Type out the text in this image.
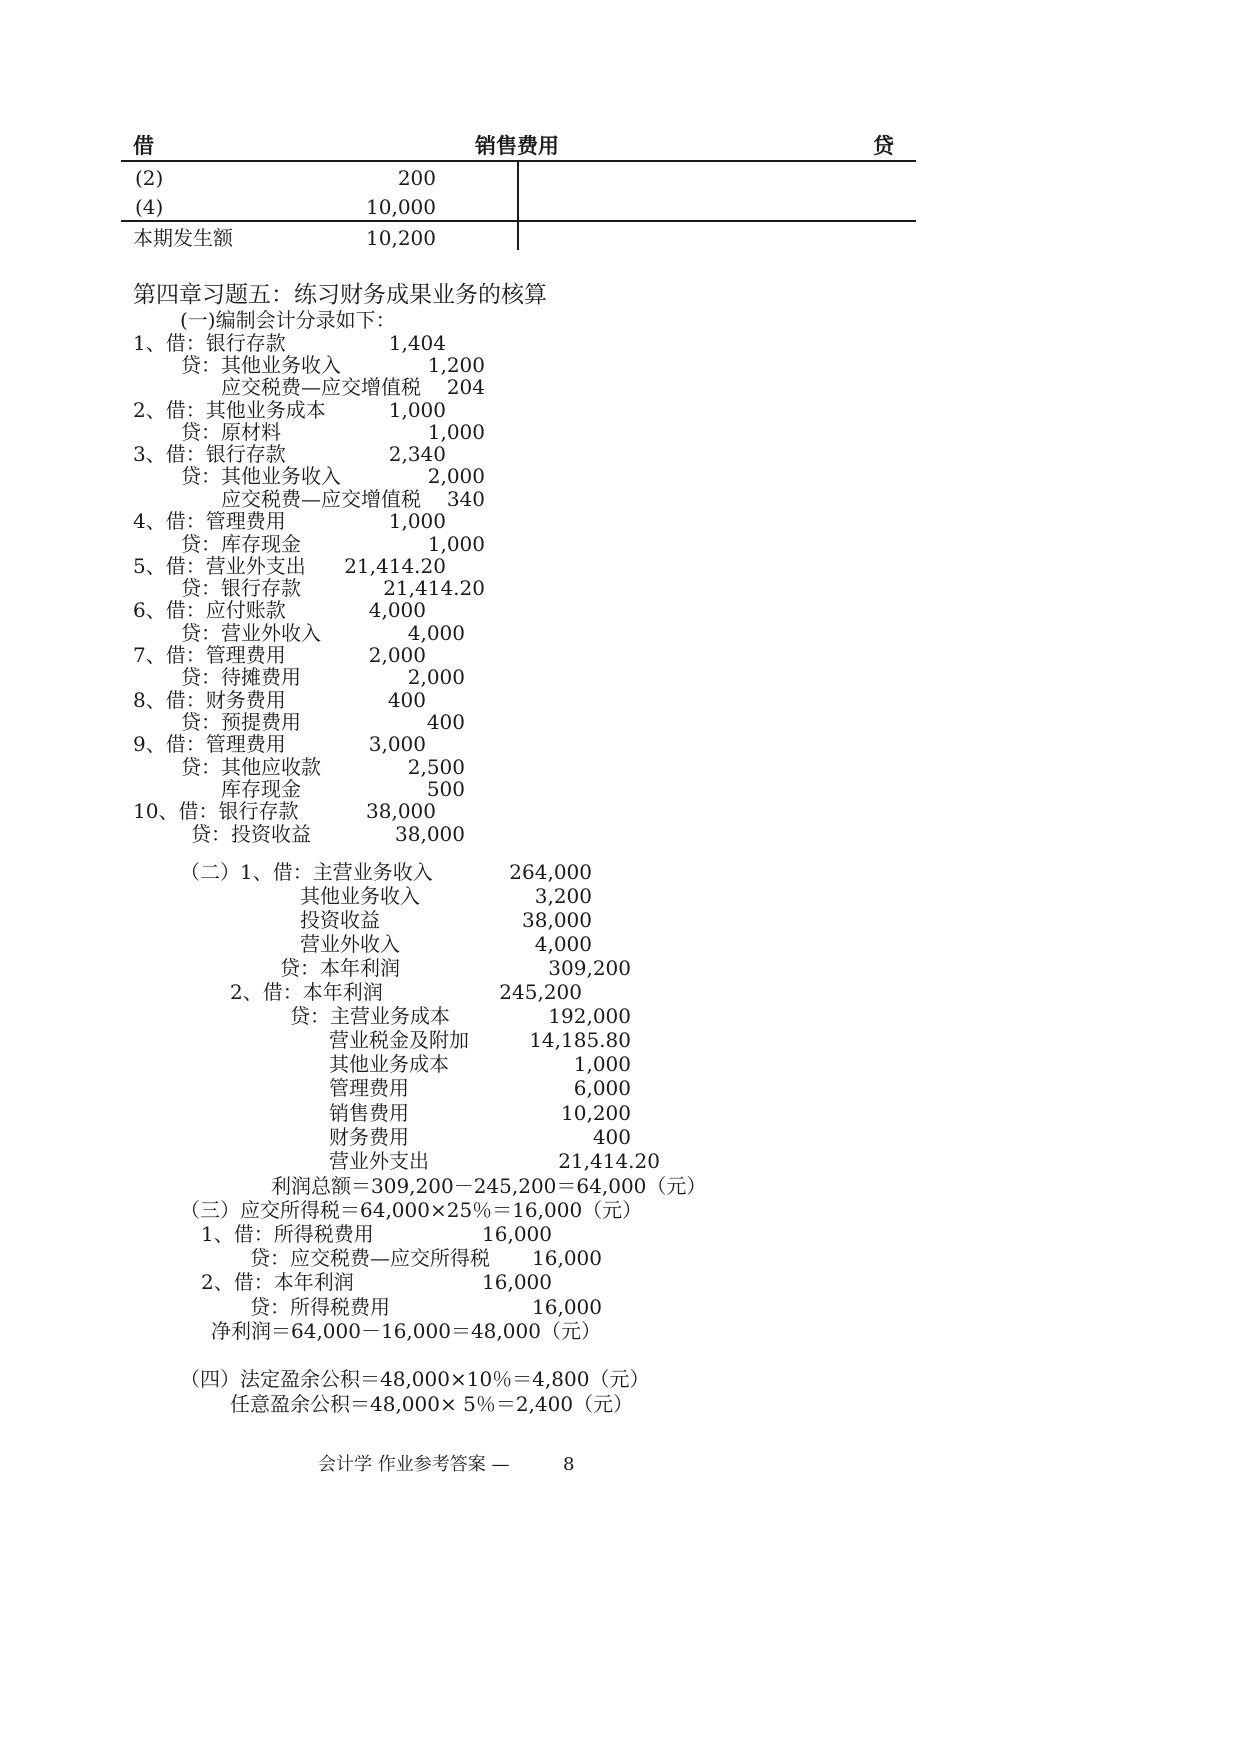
借	销售费用	贷
(2)	200
(4)	10,000
本期发生额	10,200
第四章习题五：练习财务成果业务的核算
(一)编制会计分录如下：
1、借：银行存款	1,404
贷：其他业务收入	1,200
应交税费—应交增值税	204
2、借：其他业务成本	1,000
贷：原材料	1,000
3、借：银行存款	2,340
贷：其他业务收入	2,000
应交税费—应交增值税	340
4、借：管理费用	1,000
贷：库存现金	1,000
5、借：营业外支出	21,414.20
贷：银行存款	21,414.20
6、借：应付账款	4,000
贷：营业外收入	4,000
7、借：管理费用	2,000
贷：待摊费用	2,000
8、借：财务费用	400
贷：预提费用	400
9、借：管理费用	3,000
贷：其他应收款	2,500
库存现金	500
10、借：银行存款	38,000
贷：投资收益	38,000
（二）1、借：主营业务收入	264,000
其他业务收入	3,200
投资收益	38,000
营业外收入	4,000
贷：本年利润	309,200
2、借：本年利润	245,200
贷：主营业务成本	192,000
营业税金及附加	14,185.80
其他业务成本	1,000
管理费用	6,000
销售费用	10,200
财务费用	400
营业外支出	21,414.20
利润总额＝309,200－245,200＝64,000（元）
（三）应交所得税＝64,000×25％＝16,000（元）
1、借：所得税费用	16,000
贷：应交税费—应交所得税	16,000
2、借：本年利润	16,000
贷：所得税费用	16,000
净利润＝64,000－16,000＝48,000（元）
（四）法定盈余公积＝48,000×10％＝4,800（元）
任意盈余公积＝48,000× 5％＝2,400（元）
会计学 作业参考答案 —	8
